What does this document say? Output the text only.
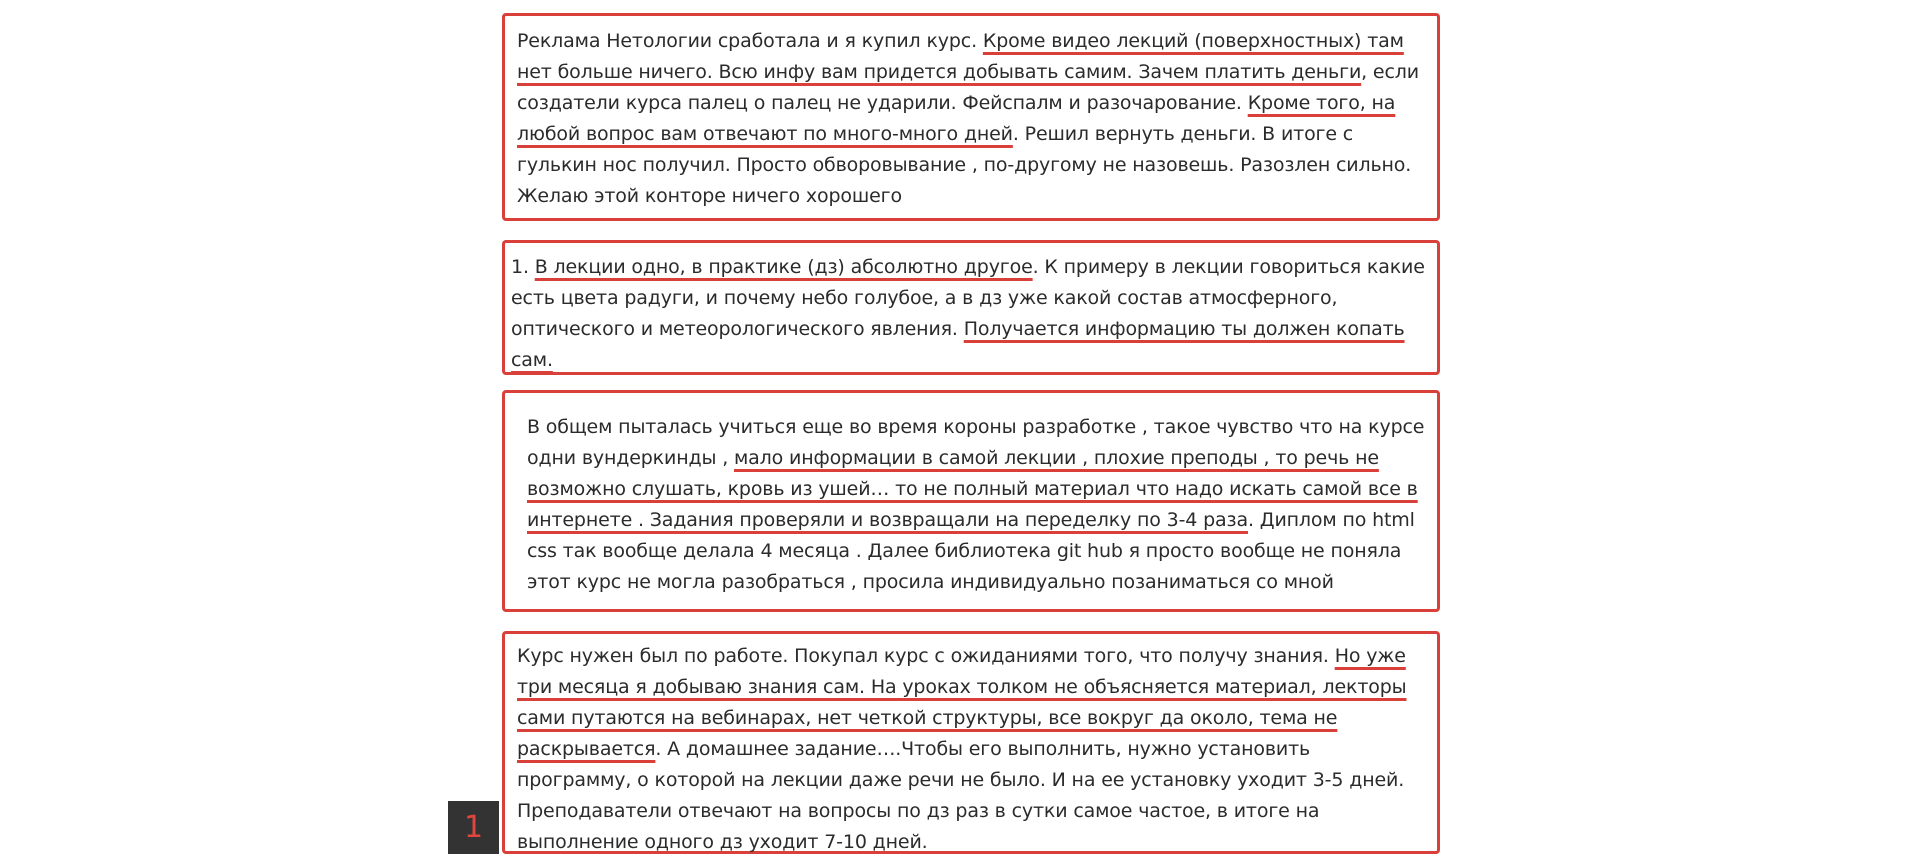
Реклама Нетологии сработала и я купил курс. Кроме видео лекций (поверхностных) там нет больше ничего. Всю инфу вам придется добывать самим. Зачем платить деньги, если создатели курса палец о палец не ударили. Фейспалм и разочарование. Кроме того, на любой вопрос вам отвечают по много-много дней. Решил вернуть деньги. В итоге с гулькин нос получил. Просто обворовывание , по-другому не назовешь. Разозлен сильно. Желаю этой конторе ничего хорошего

1. В лекции одно, в практике (дз) абсолютно другое. К примеру в лекции говориться какие есть цвета радуги, и почему небо голубое, а в дз уже какой состав атмосферного, оптического и метеорологического явления. Получается информацию ты должен копать сам.

В общем пыталась учиться еще во время короны разработке , такое чувство что на курсе одни вундеркинды , мало информации в самой лекции , плохие преподы , то речь не возможно слушать, кровь из ушей… то не полный материал что надо искать самой все в интернете . Задания проверяли и возвращали на переделку по 3-4 раза. Диплом по html css так вообще делала 4 месяца . Далее библиотека git hub я просто вообще не поняла этот курс не могла разобраться , просила индивидуально позаниматься со мной

Курс нужен был по работе. Покупал курс с ожиданиями того, что получу знания. Но уже три месяца я добываю знания сам. На уроках толком не объясняется материал, лекторы сами путаются на вебинарах, нет четкой структуры, все вокруг да около, тема не раскрывается. А домашнее задание….Чтобы его выполнить, нужно установить программу, о которой на лекции даже речи не было. И на ее установку уходит 3-5 дней. Преподаватели отвечают на вопросы по дз раз в сутки самое частое, в итоге на выполнение одного дз уходит 7-10 дней.

1
